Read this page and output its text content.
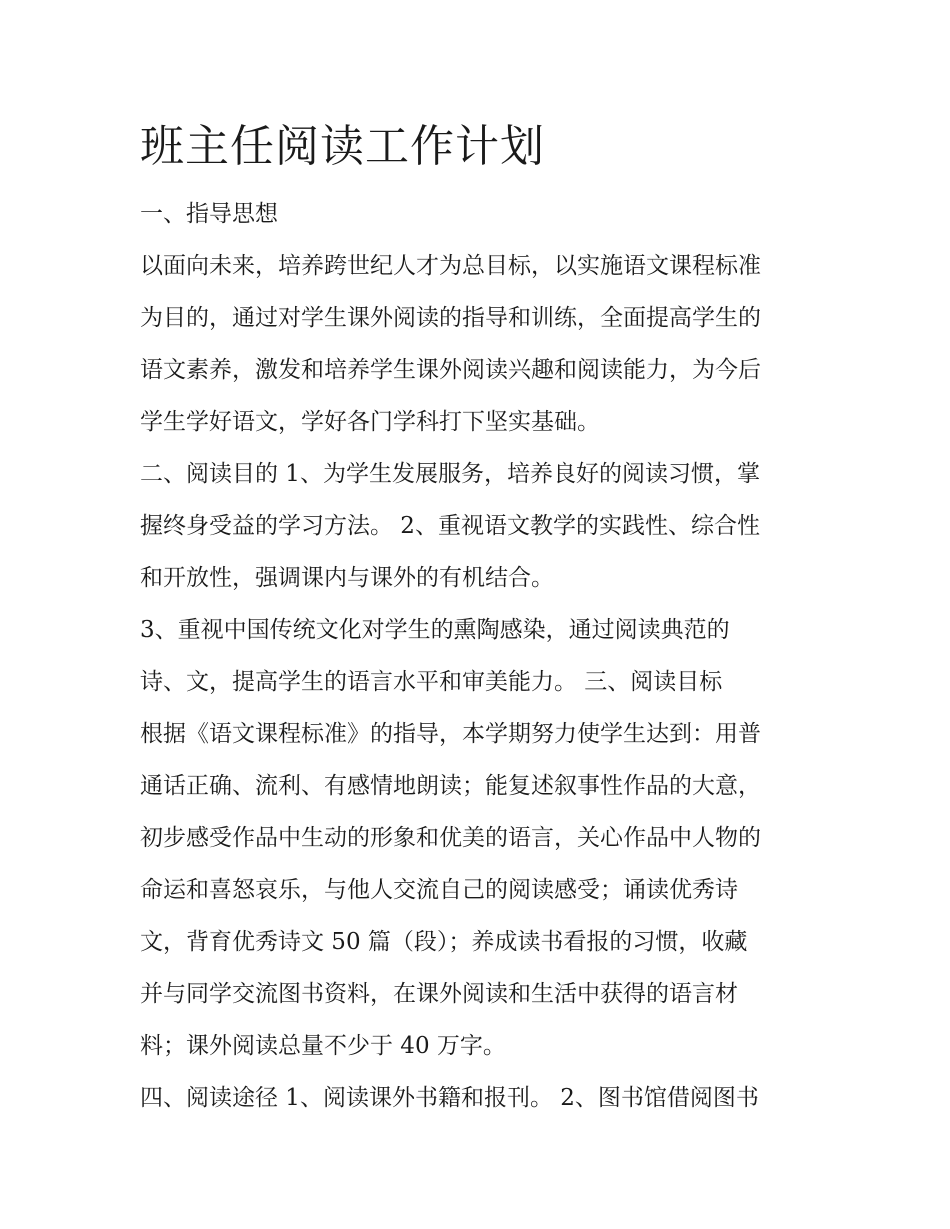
班主任阅读工作计划

一、指导思想

以面向未来，培养跨世纪人才为总目标，以实施语文课程标准

为目的，通过对学生课外阅读的指导和训练，全面提高学生的

语文素养，激发和培养学生课外阅读兴趣和阅读能力，为今后

学生学好语文，学好各门学科打下坚实基础。

二、阅读目的 1、为学生发展服务，培养良好的阅读习惯，掌

握终身受益的学习方法。 2、重视语文教学的实践性、综合性

和开放性，强调课内与课外的有机结合。

3、重视中国传统文化对学生的熏陶感染，通过阅读典范的

诗、文，提高学生的语言水平和审美能力。 三、阅读目标

根据《语文课程标准》的指导，本学期努力使学生达到：用普

通话正确、流利、有感情地朗读；能复述叙事性作品的大意，

初步感受作品中生动的形象和优美的语言，关心作品中人物的

命运和喜怒哀乐，与他人交流自己的阅读感受；诵读优秀诗

文，背育优秀诗文 50 篇（段）；养成读书看报的习惯，收藏

并与同学交流图书资料，在课外阅读和生活中获得的语言材

料；课外阅读总量不少于 40 万字。

四、阅读途径 1、阅读课外书籍和报刊。 2、图书馆借阅图书
